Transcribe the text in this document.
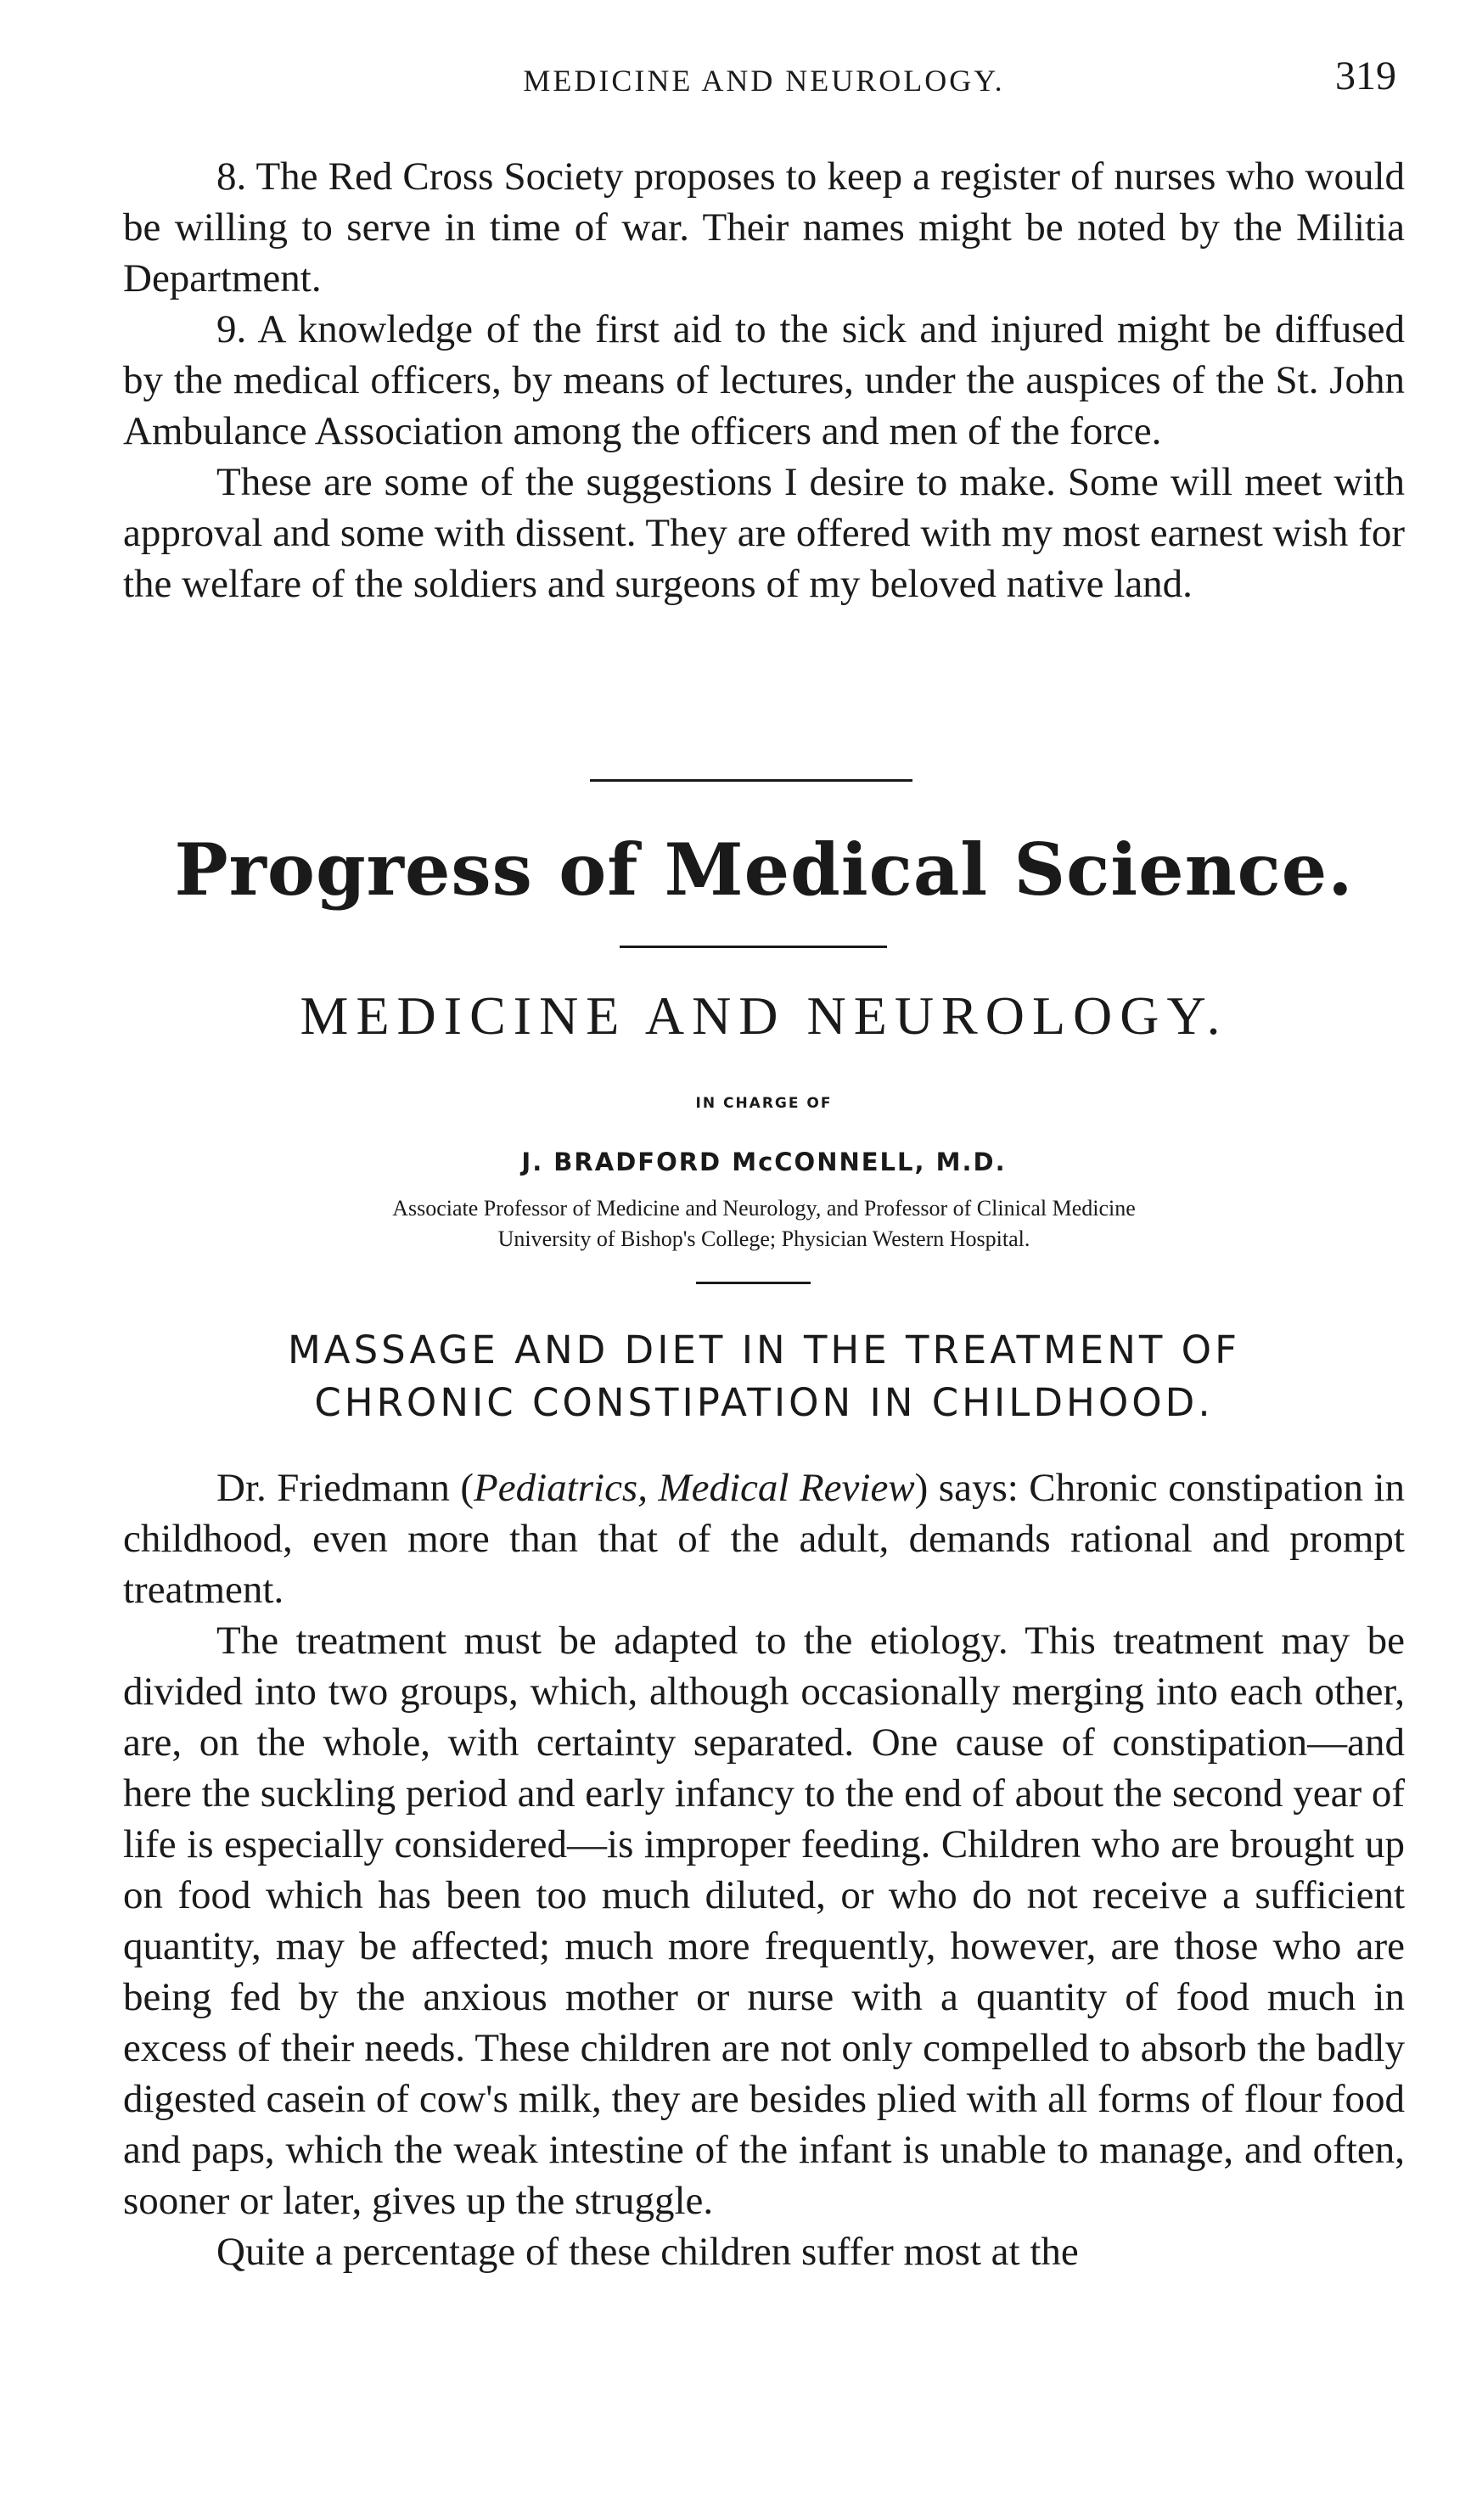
MEDICINE AND NEUROLOGY.	319

8. The Red Cross Society proposes to keep a register of nurses who would be willing to serve in time of war. Their names might be noted by the Militia Department.

9. A knowledge of the first aid to the sick and injured might be diffused by the medical officers, by means of lectures, under the auspices of the St. John Ambulance Association among the officers and men of the force.

These are some of the suggestions I desire to make. Some will meet with approval and some with dissent. They are offered with my most earnest wish for the welfare of the soldiers and surgeons of my beloved native land.

Progress of Medical Science.
MEDICINE AND NEUROLOGY.
IN CHARGE OF
J. BRADFORD McCONNELL, M.D.
Associate Professor of Medicine and Neurology, and Professor of Clinical Medicine
University of Bishop's College; Physician Western Hospital.
MASSAGE AND DIET IN THE TREATMENT OF
CHRONIC CONSTIPATION IN CHILDHOOD.

Dr. Friedmann (Pediatrics, Medical Review) says: Chronic constipation in childhood, even more than that of the adult, demands rational and prompt treatment.

The treatment must be adapted to the etiology. This treatment may be divided into two groups, which, although occasionally merging into each other, are, on the whole, with certainty separated. One cause of constipation—and here the suckling period and early infancy to the end of about the second year of life is especially considered—is improper feeding. Children who are brought up on food which has been too much diluted, or who do not receive a sufficient quantity, may be affected; much more frequently, however, are those who are being fed by the anxious mother or nurse with a quantity of food much in excess of their needs. These children are not only compelled to absorb the badly digested casein of cow's milk, they are besides plied with all forms of flour food and paps, which the weak intestine of the infant is unable to manage, and often, sooner or later, gives up the struggle.

Quite a percentage of these children suffer most at the
